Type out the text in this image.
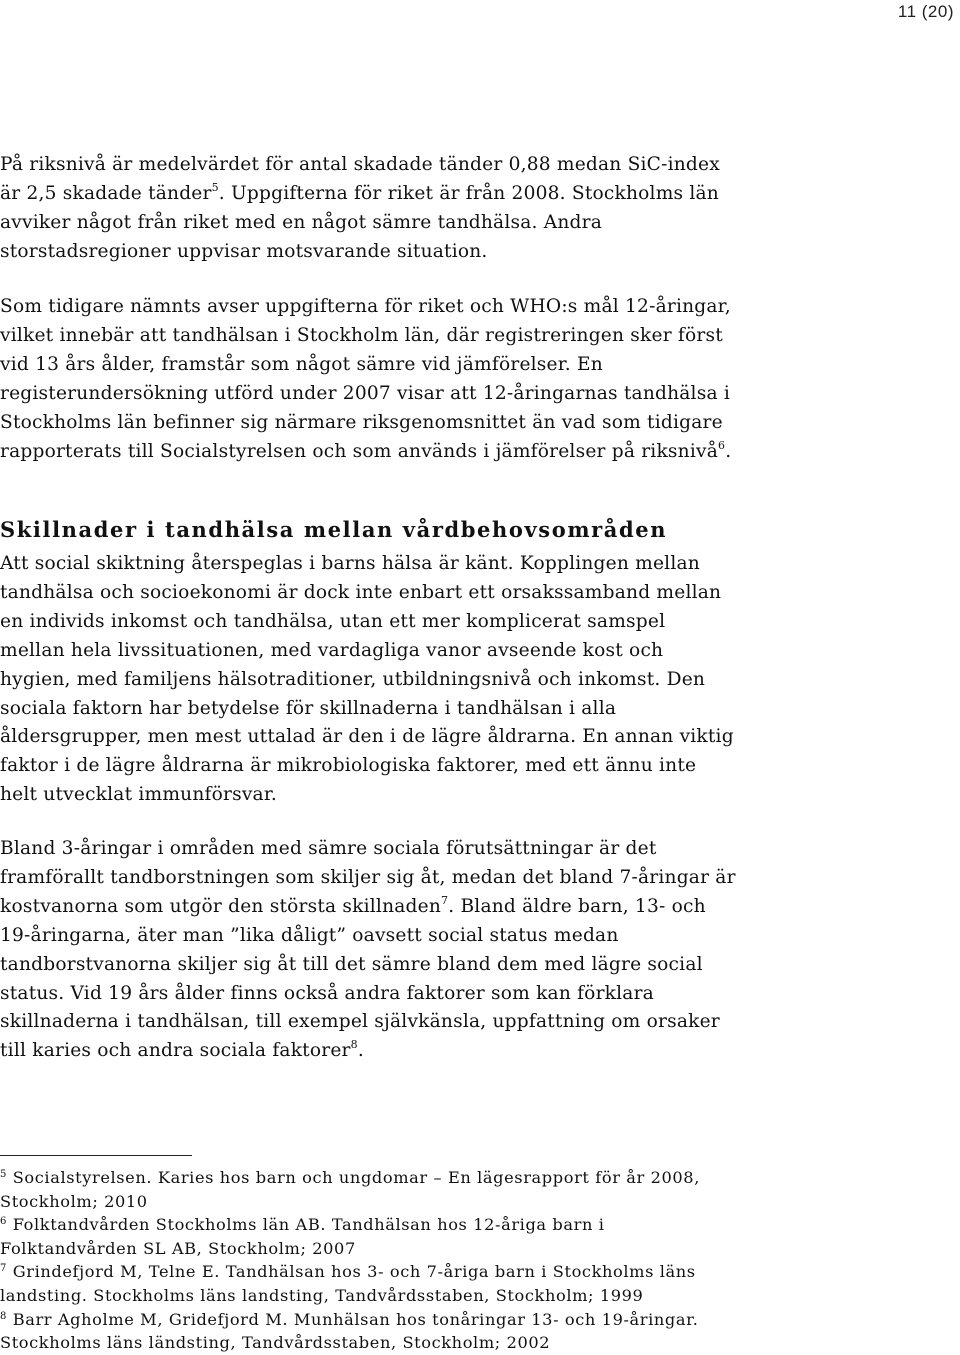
11 (20)

På riksnivå är medelvärdet för antal skadade tänder 0,88 medan SiC-index
är 2,5 skadade tänder$^5$. Uppgifterna för riket är från 2008. Stockholms län
avviker något från riket med en något sämre tandhälsa. Andra
storstadsregioner uppvisar motsvarande situation.

Som tidigare nämnts avser uppgifterna för riket och WHO:s mål 12-åringar,
vilket innebär att tandhälsan i Stockholm län, där registreringen sker först
vid 13 års ålder, framstår som något sämre vid jämförelser. En
registerundersökning utförd under 2007 visar att 12-åringarnas tandhälsa i
Stockholms län befinner sig närmare riksgenomsnittet än vad som tidigare
rapporterats till Socialstyrelsen och som används i jämförelser på riksnivå$^6$.

Skillnader i tandhälsa mellan vårdbehovsområden

Att social skiktning återspeglas i barns hälsa är känt. Kopplingen mellan
tandhälsa och socioekonomi är dock inte enbart ett orsakssamband mellan
en individs inkomst och tandhälsa, utan ett mer komplicerat samspel
mellan hela livssituationen, med vardagliga vanor avseende kost och
hygien, med familjens hälsotraditioner, utbildningsnivå och inkomst. Den
sociala faktorn har betydelse för skillnaderna i tandhälsan i alla
åldersgrupper, men mest uttalad är den i de lägre åldrarna. En annan viktig
faktor i de lägre åldrarna är mikrobiologiska faktorer, med ett ännu inte
helt utvecklat immunförsvar.

Bland 3-åringar i områden med sämre sociala förutsättningar är det
framförallt tandborstningen som skiljer sig åt, medan det bland 7-åringar är
kostvanorna som utgör den största skillnaden$^7$. Bland äldre barn, 13- och
19-åringarna, äter man ”lika dåligt” oavsett social status medan
tandborstvanorna skiljer sig åt till det sämre bland dem med lägre social
status. Vid 19 års ålder finns också andra faktorer som kan förklara
skillnaderna i tandhälsan, till exempel självkänsla, uppfattning om orsaker
till karies och andra sociala faktorer$^8$.

$^5$ Socialstyrelsen. Karies hos barn och ungdomar – En lägesrapport för år 2008,
Stockholm; 2010
$^6$ Folktandvården Stockholms län AB. Tandhälsan hos 12-åriga barn i
Folktandvården SL AB, Stockholm; 2007
$^7$ Grindefjord M, Telne E. Tandhälsan hos 3- och 7-åriga barn i Stockholms läns
landsting. Stockholms läns landsting, Tandvårdsstaben, Stockholm; 1999
$^8$ Barr Agholme M, Gridefjord M. Munhälsan hos tonåringar 13- och 19-åringar.
Stockholms läns ländsting, Tandvårdsstaben, Stockholm; 2002
